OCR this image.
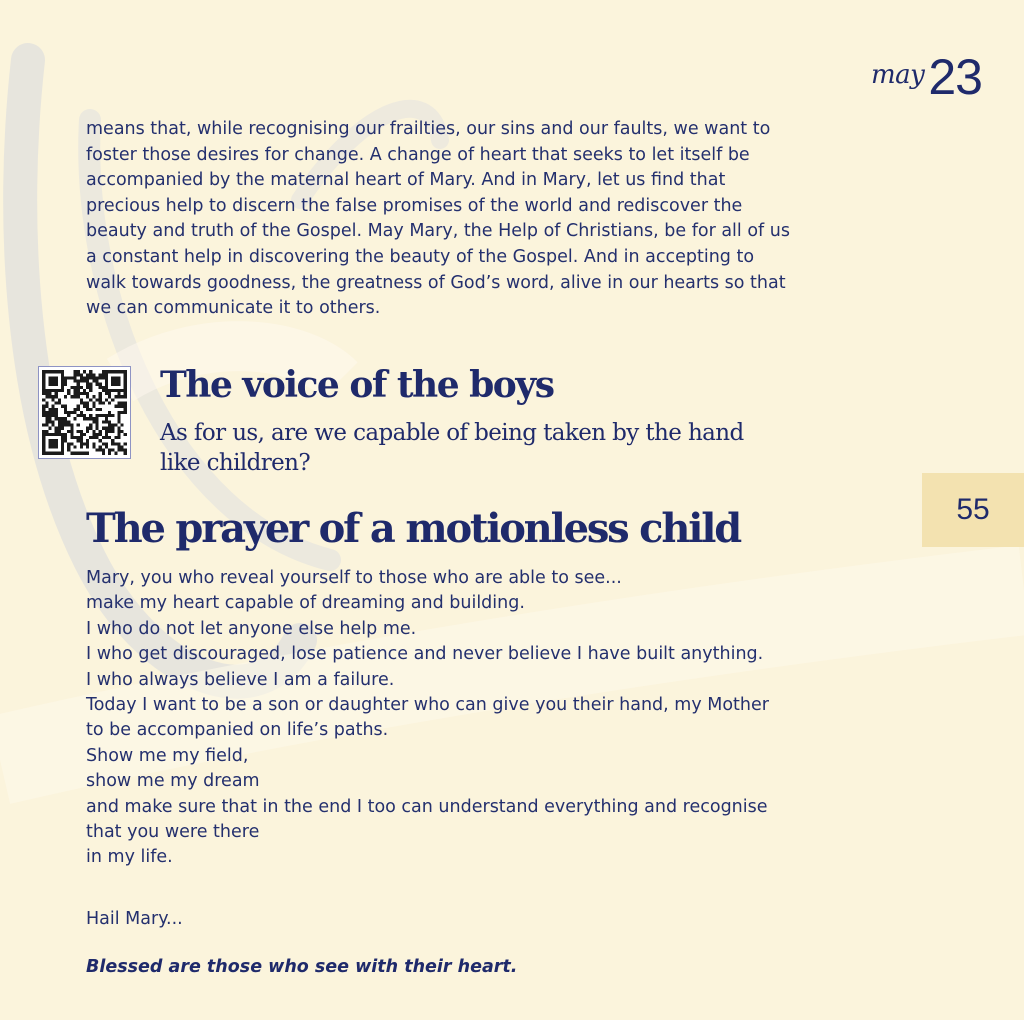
may 23

means that, while recognising our frailties, our sins and our faults, we want to foster those desires for change. A change of heart that seeks to let itself be accompanied by the maternal heart of Mary. And in Mary, let us find that precious help to discern the false promises of the world and rediscover the beauty and truth of the Gospel. May Mary, the Help of Christians, be for all of us a constant help in discovering the beauty of the Gospel. And in accepting to walk towards goodness, the greatness of God’s word, alive in our hearts so that we can communicate it to others.

The voice of the boys

As for us, are we capable of being taken by the hand like children?

55
The prayer of a motionless child
Mary, you who reveal yourself to those who are able to see...
make my heart capable of dreaming and building.
I who do not let anyone else help me.
I who get discouraged, lose patience and never believe I have built anything.
I who always believe I am a failure.
Today I want to be a son or daughter who can give you their hand, my Mother
to be accompanied on life’s paths.
Show me my field,
show me my dream
and make sure that in the end I too can understand everything and recognise
that you were there
in my life.

Hail Mary...

Blessed are those who see with their heart.
